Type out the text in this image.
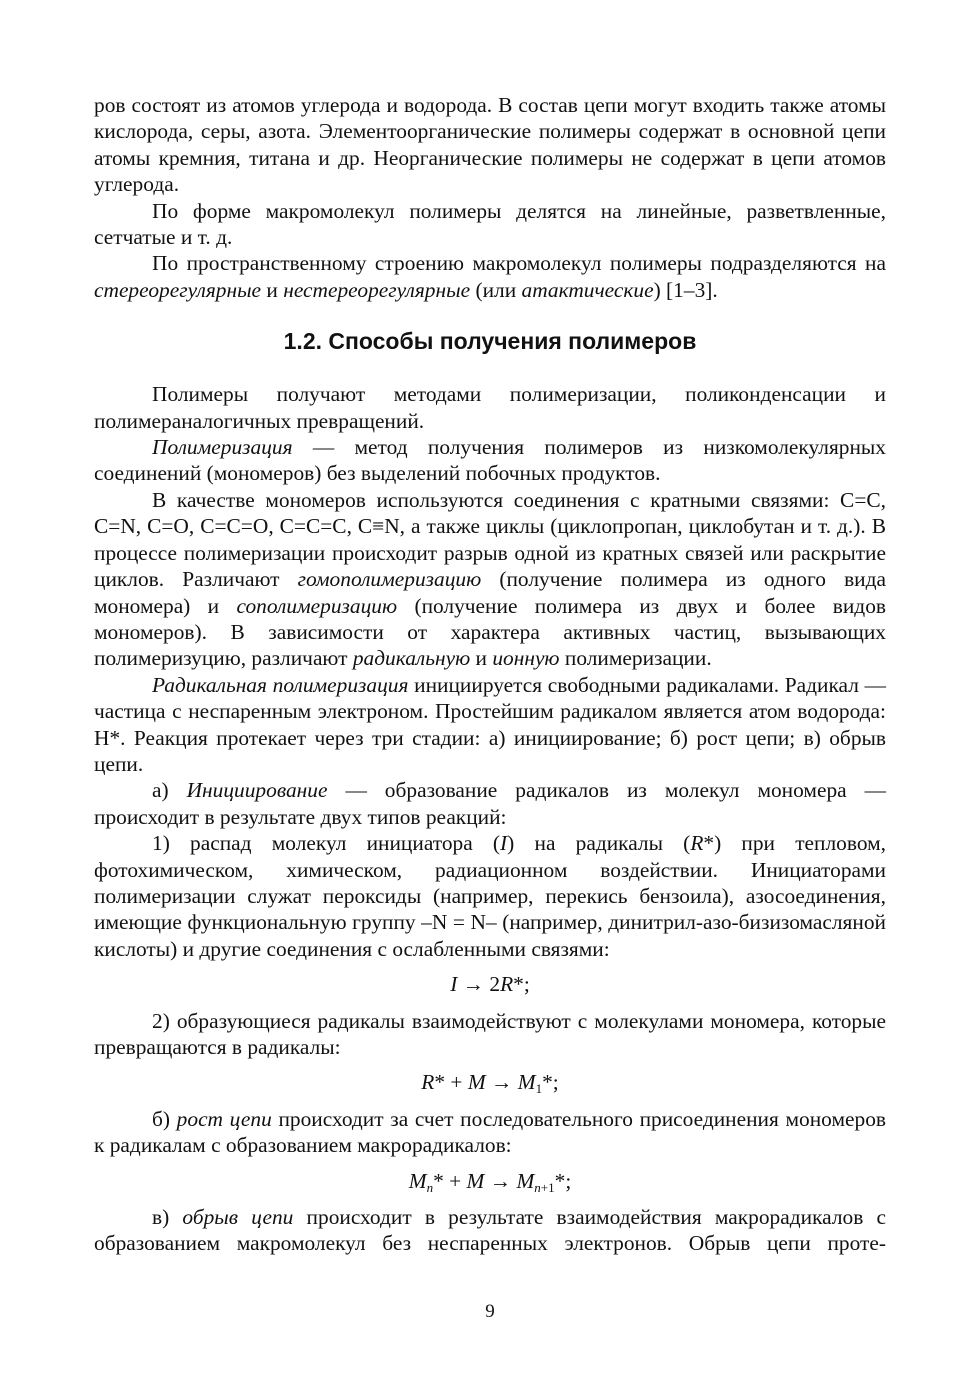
ров состоят из атомов углерода и водорода. В состав цепи могут входить также атомы кислорода, серы, азота. Элементоорганические полимеры содержат в основной цепи атомы кремния, титана и др. Неорганические полимеры не содержат в цепи атомов углерода.

По форме макромолекул полимеры делятся на линейные, разветвленные, сетчатые и т. д.

По пространственному строению макромолекул полимеры подразделяются на стереорегулярные и нестереорегулярные (или атактические) [1–3].

1.2. Способы получения полимеров

Полимеры получают методами полимеризации, поликонденсации и полимераналогичных превращений.

Полимеризация — метод получения полимеров из низкомолекулярных соединений (мономеров) без выделений побочных продуктов.

В качестве мономеров используются соединения с кратными связями: C=C, C=N, C=O, C=C=O, C=C=C, C≡N, а также циклы (циклопропан, циклобутан и т. д.). В процессе полимеризации происходит разрыв одной из кратных связей или раскрытие циклов. Различают гомополимеризацию (получение полимера из одного вида мономера) и сополимеризацию (получение полимера из двух и более видов мономеров). В зависимости от характера активных частиц, вызывающих полимеризуцию, различают радикальную и ионную полимеризации.

Радикальная полимеризация инициируется свободными радикалами. Радикал — частица с неспаренным электроном. Простейшим радикалом является атом водорода: H*. Реакция протекает через три стадии: а) инициирование; б) рост цепи; в) обрыв цепи.

а) Инициирование — образование радикалов из молекул мономера — происходит в результате двух типов реакций:

1) распад молекул инициатора (I) на радикалы (R*) при тепловом, фотохимическом, химическом, радиационном воздействии. Инициаторами полимеризации служат пероксиды (например, перекись бензоила), азосоединения, имеющие функциональную группу –N = N– (например, динитрил-азо-бизизомасляной кислоты) и другие соединения с ослабленными связями:

I → 2R*;

2) образующиеся радикалы взаимодействуют с молекулами мономера, которые превращаются в радикалы:

$R* + M \to M_1*$;

б) рост цепи происходит за счет последовательного присоединения мономеров к радикалам с образованием макрорадикалов:

$M_n* + M \to M_{n+1}*$;

в) обрыв цепи происходит в результате взаимодействия макрорадикалов с образованием макромолекул без неспаренных электронов. Обрыв цепи проте-

9
